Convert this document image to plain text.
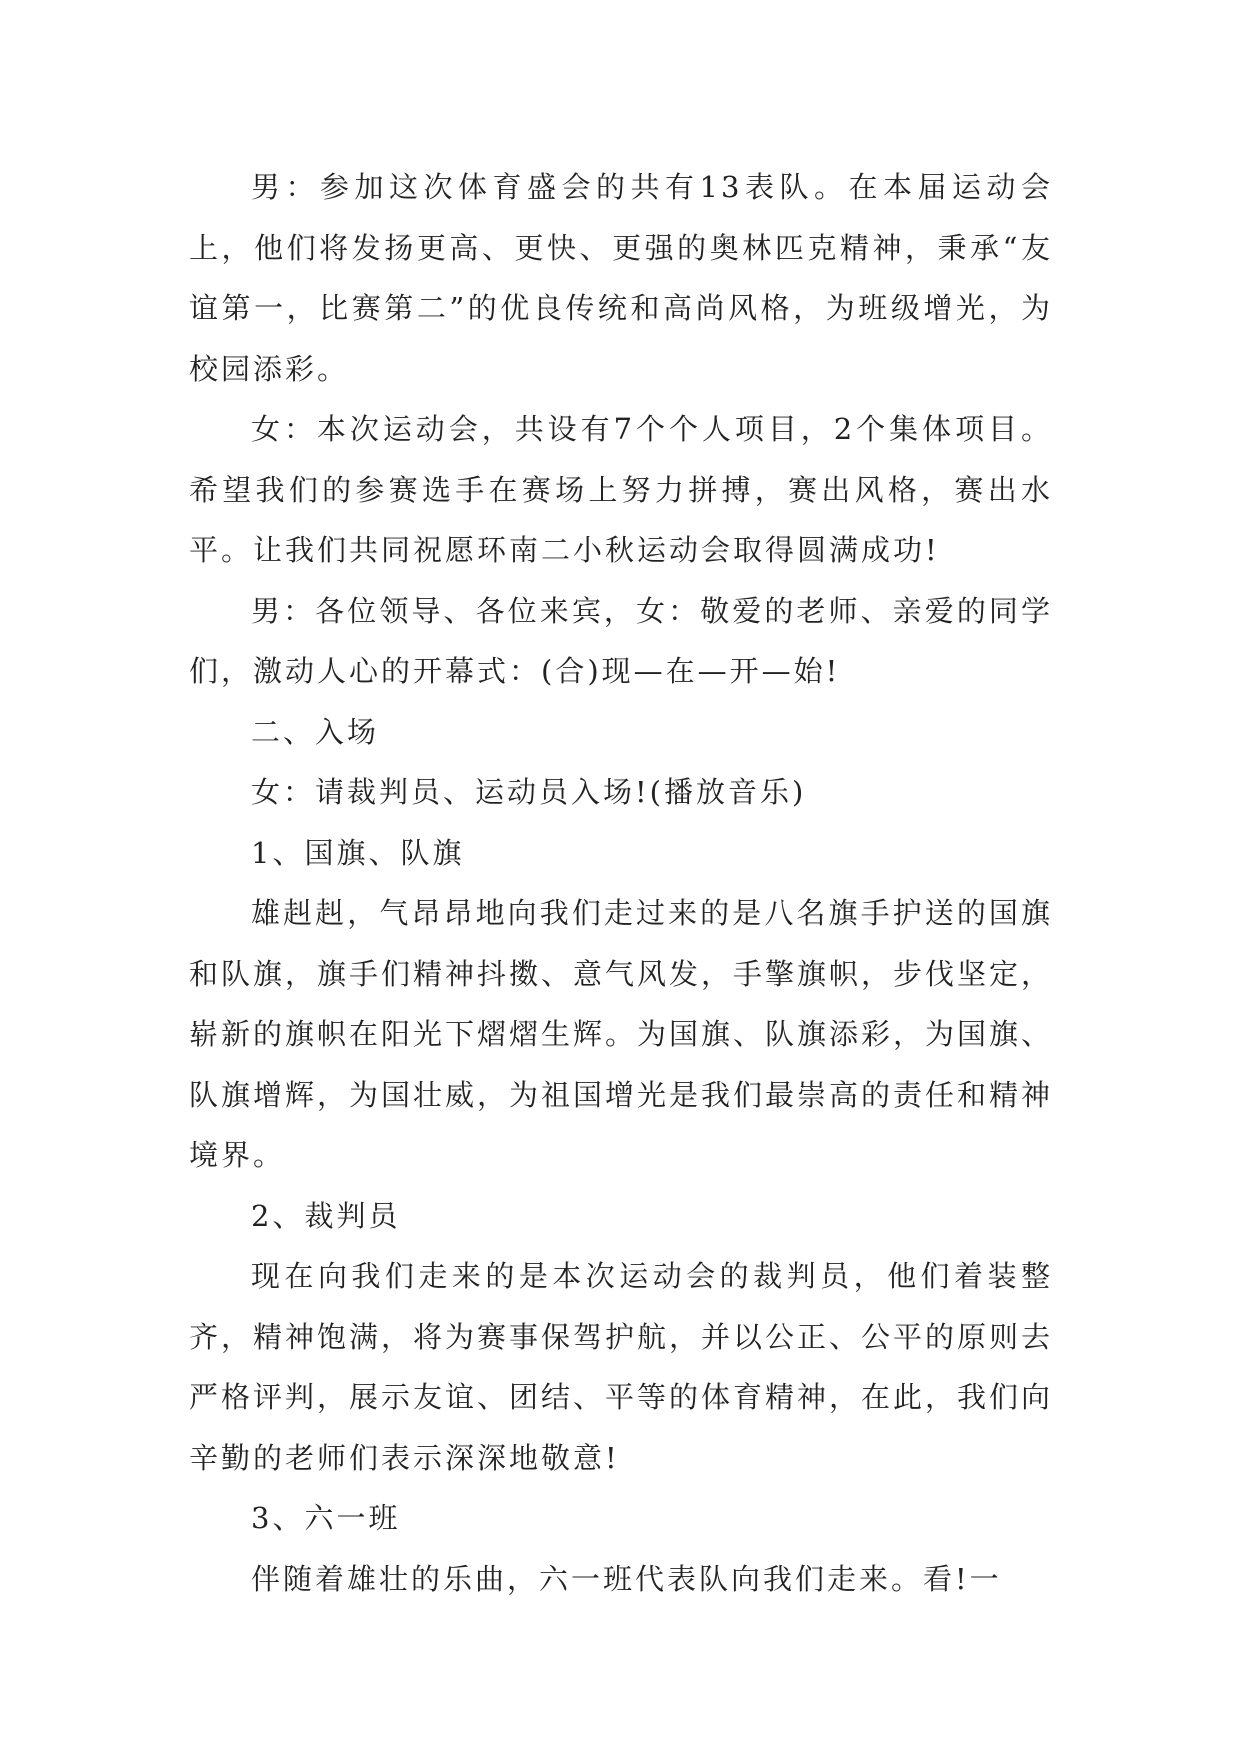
男：参加这次体育盛会的共有13表队。在本届运动会上，他们将发扬更高、更快、更强的奥林匹克精神，秉承“友谊第一，比赛第二”的优良传统和高尚风格，为班级增光，为校园添彩。

女：本次运动会，共设有7个个人项目，2个集体项目。希望我们的参赛选手在赛场上努力拼搏，赛出风格，赛出水平。让我们共同祝愿环南二小秋运动会取得圆满成功!

男：各位领导、各位来宾，女：敬爱的老师、亲爱的同学们，激动人心的开幕式：(合)现—在—开—始!

二、入场

女：请裁判员、运动员入场!(播放音乐)

1、国旗、队旗

雄赳赳，气昂昂地向我们走过来的是八名旗手护送的国旗和队旗，旗手们精神抖擞、意气风发，手擎旗帜，步伐坚定，崭新的旗帜在阳光下熠熠生辉。为国旗、队旗添彩，为国旗、队旗增辉，为国壮威，为祖国增光是我们最崇高的责任和精神境界。

2、裁判员

现在向我们走来的是本次运动会的裁判员，他们着装整齐，精神饱满，将为赛事保驾护航，并以公正、公平的原则去严格评判，展示友谊、团结、平等的体育精神，在此，我们向辛勤的老师们表示深深地敬意!

3、六一班

伴随着雄壮的乐曲，六一班代表队向我们走来。看!一
